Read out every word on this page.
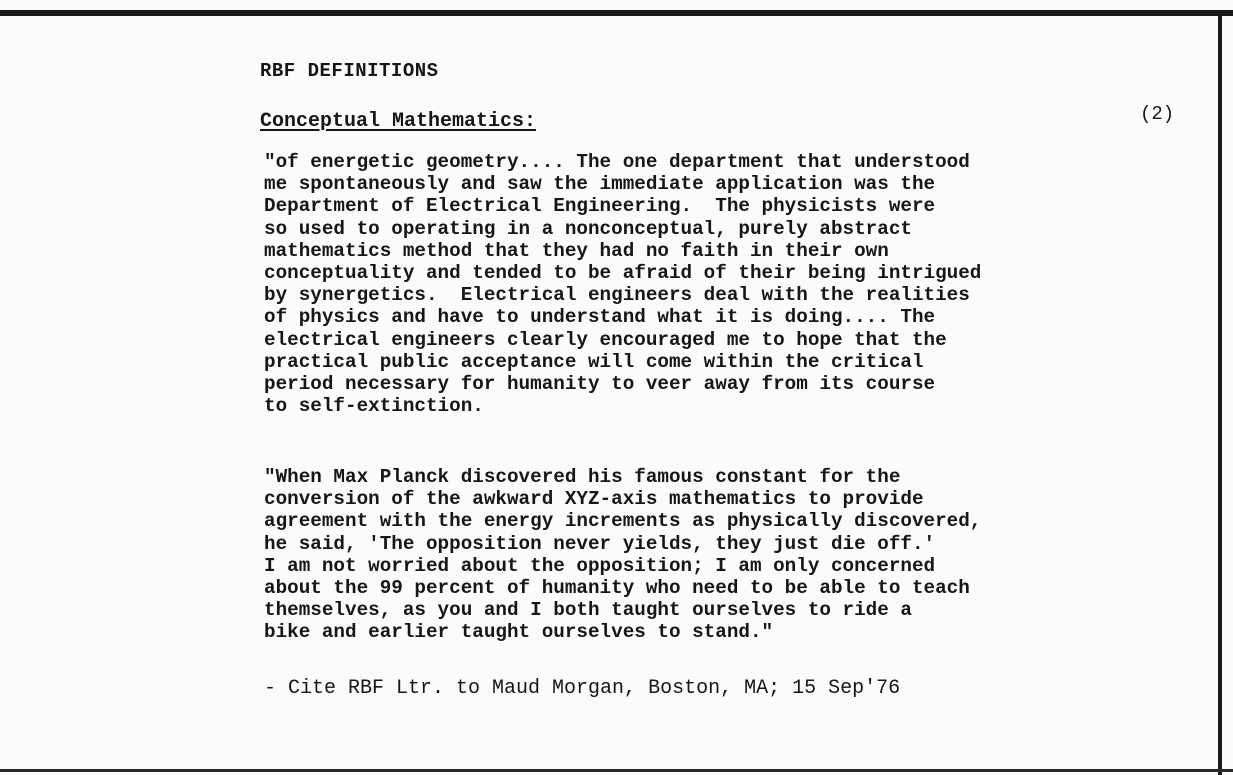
RBF DEFINITIONS
Conceptual Mathematics:	(2)
"of energetic geometry.... The one department that understood
me spontaneously and saw the immediate application was the
Department of Electrical Engineering.  The physicists were
so used to operating in a nonconceptual, purely abstract
mathematics method that they had no faith in their own
conceptuality and tended to be afraid of their being intrigued
by synergetics.  Electrical engineers deal with the realities
of physics and have to understand what it is doing.... The
electrical engineers clearly encouraged me to hope that the
practical public acceptance will come within the critical
period necessary for humanity to veer away from its course
to self-extinction.
"When Max Planck discovered his famous constant for the
conversion of the awkward XYZ-axis mathematics to provide
agreement with the energy increments as physically discovered,
he said, 'The opposition never yields, they just die off.'
I am not worried about the opposition; I am only concerned
about the 99 percent of humanity who need to be able to teach
themselves, as you and I both taught ourselves to ride a
bike and earlier taught ourselves to stand."
- Cite RBF Ltr. to Maud Morgan, Boston, MA; 15 Sep'76
